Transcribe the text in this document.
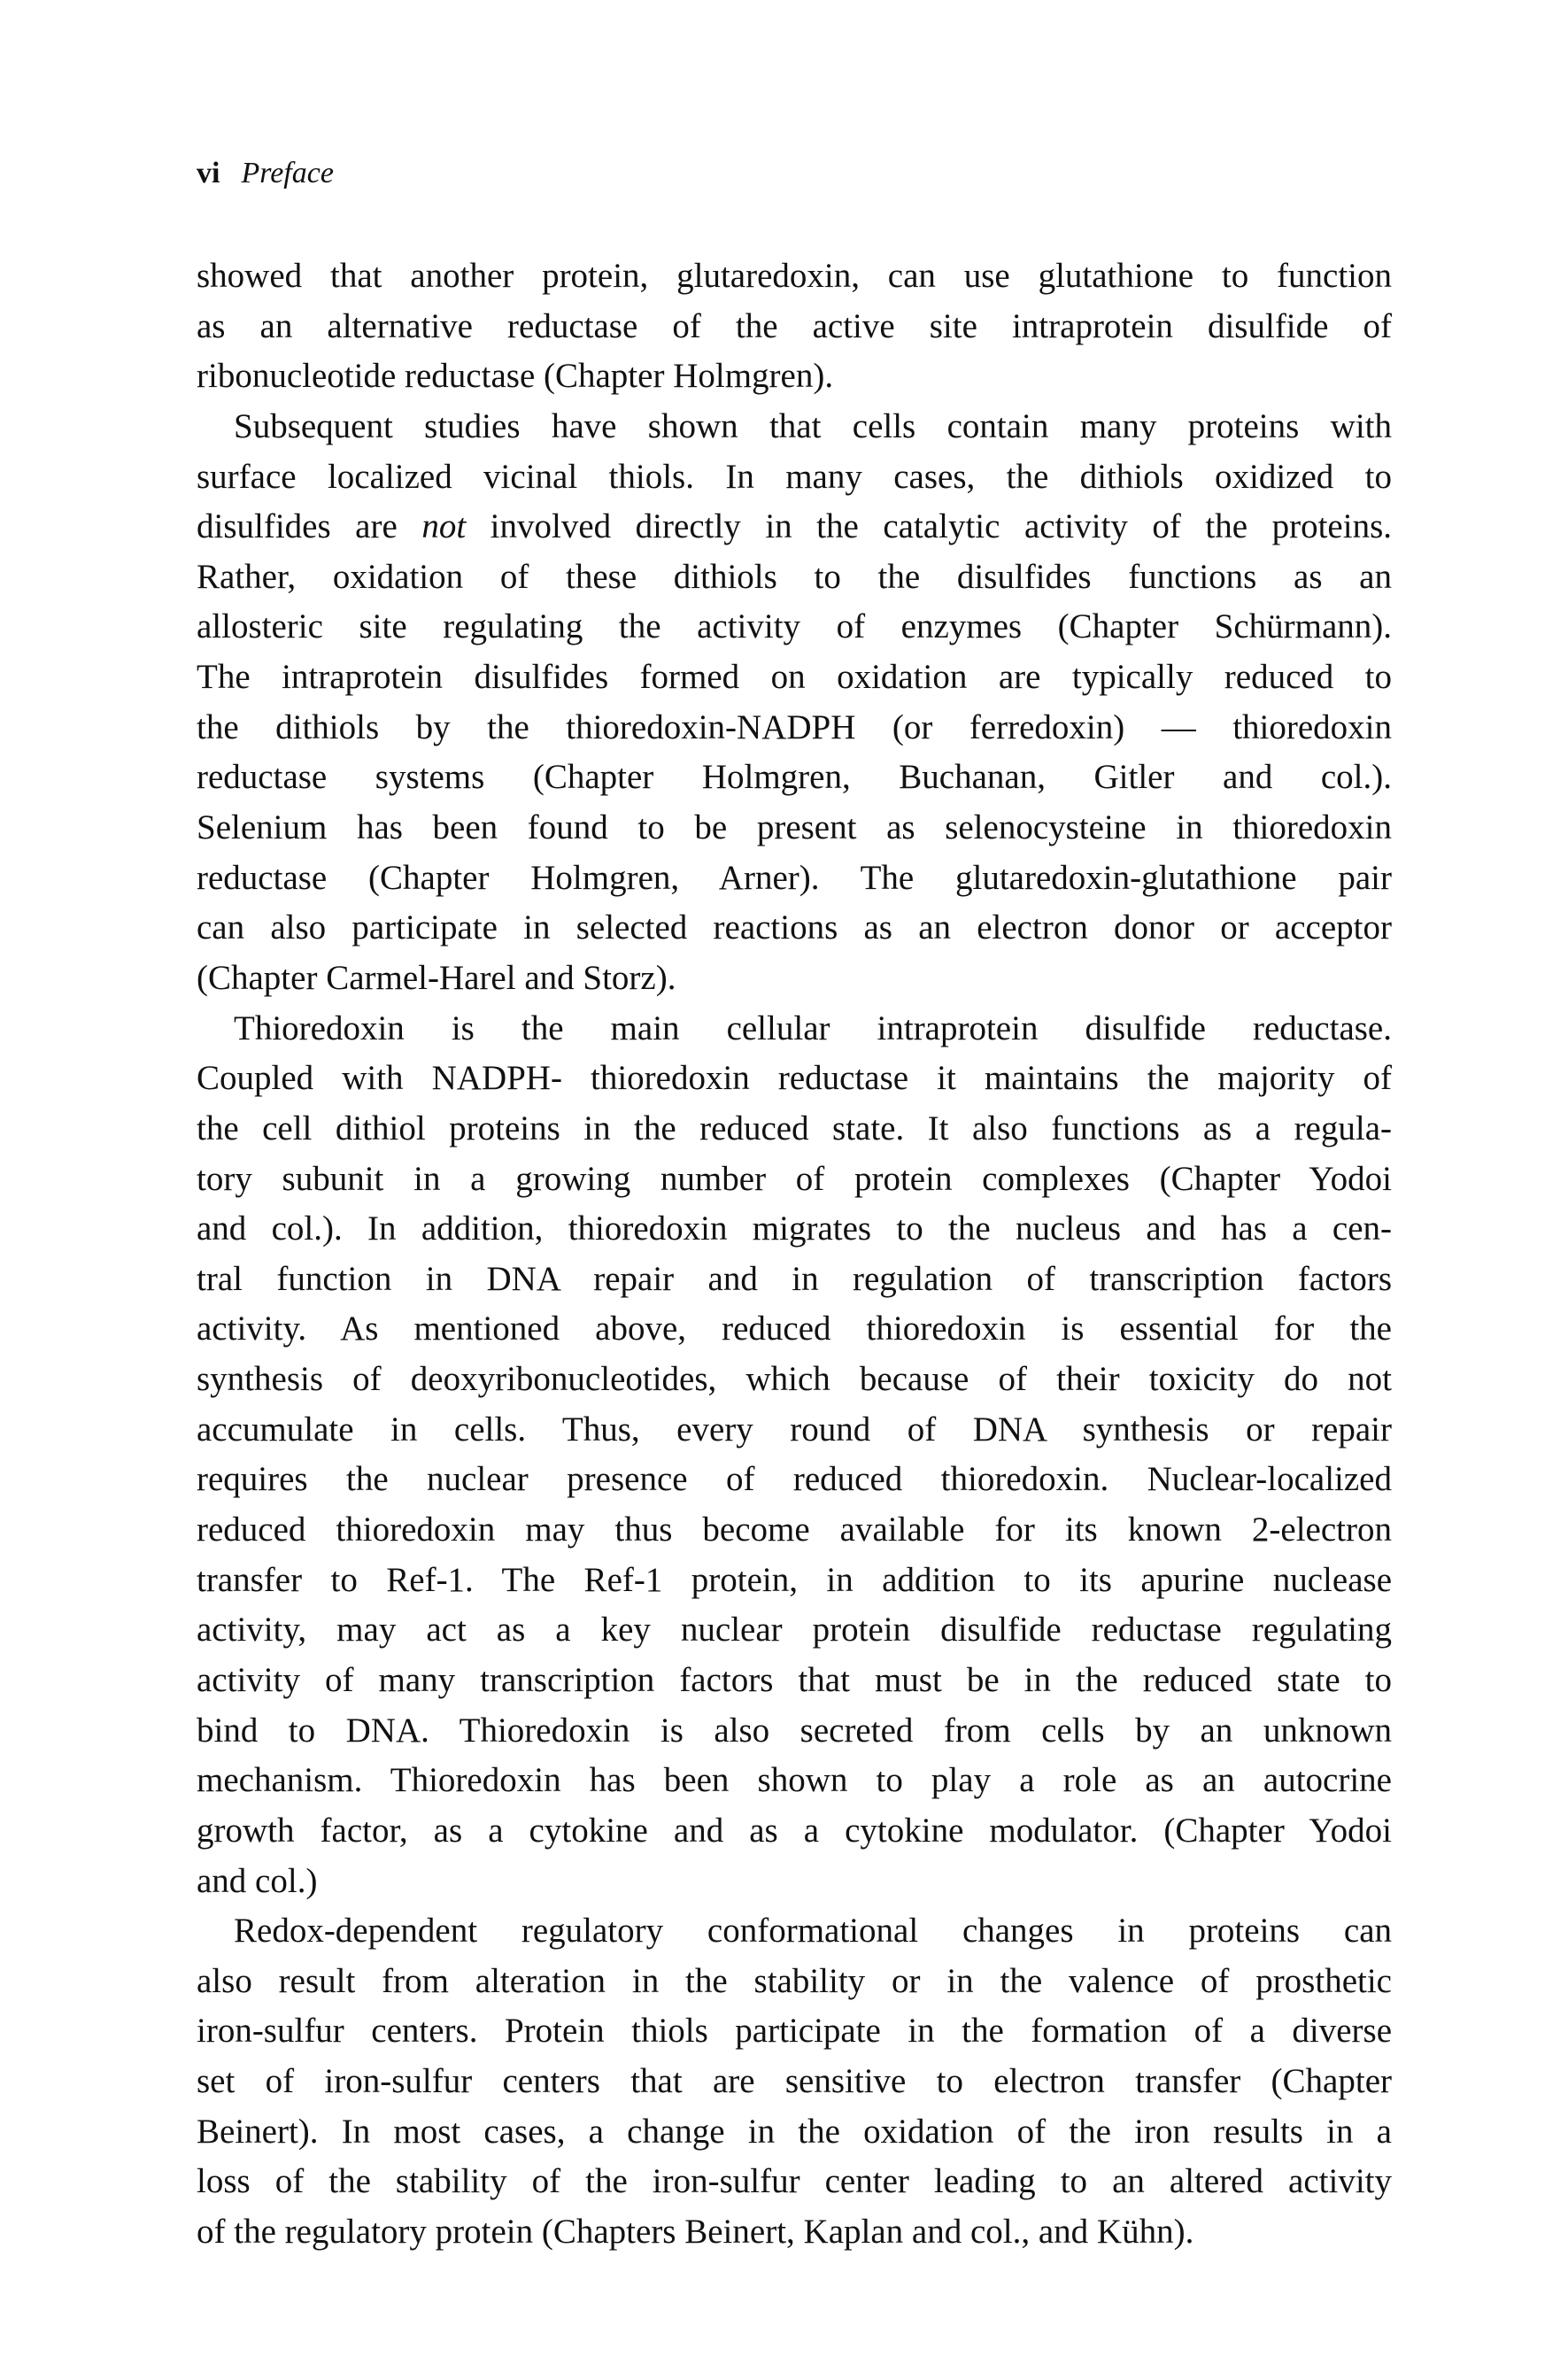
vi Preface
showed that another protein, glutaredoxin, can use glutathione to function
as an alternative reductase of the active site intraprotein disulfide of
ribonucleotide reductase (Chapter Holmgren).
Subsequent studies have shown that cells contain many proteins with
surface localized vicinal thiols. In many cases, the dithiols oxidized to
disulfides are not involved directly in the catalytic activity of the proteins.
Rather, oxidation of these dithiols to the disulfides functions as an
allosteric site regulating the activity of enzymes (Chapter Schürmann).
The intraprotein disulfides formed on oxidation are typically reduced to
the dithiols by the thioredoxin-NADPH (or ferredoxin) — thioredoxin
reductase systems (Chapter Holmgren, Buchanan, Gitler and col.).
Selenium has been found to be present as selenocysteine in thioredoxin
reductase (Chapter Holmgren, Arner). The glutaredoxin-glutathione pair
can also participate in selected reactions as an electron donor or acceptor
(Chapter Carmel-Harel and Storz).
Thioredoxin is the main cellular intraprotein disulfide reductase.
Coupled with NADPH- thioredoxin reductase it maintains the majority of
the cell dithiol proteins in the reduced state. It also functions as a regula-
tory subunit in a growing number of protein complexes (Chapter Yodoi
and col.). In addition, thioredoxin migrates to the nucleus and has a cen-
tral function in DNA repair and in regulation of transcription factors
activity. As mentioned above, reduced thioredoxin is essential for the
synthesis of deoxyribonucleotides, which because of their toxicity do not
accumulate in cells. Thus, every round of DNA synthesis or repair
requires the nuclear presence of reduced thioredoxin. Nuclear-localized
reduced thioredoxin may thus become available for its known 2-electron
transfer to Ref-1. The Ref-1 protein, in addition to its apurine nuclease
activity, may act as a key nuclear protein disulfide reductase regulating
activity of many transcription factors that must be in the reduced state to
bind to DNA. Thioredoxin is also secreted from cells by an unknown
mechanism. Thioredoxin has been shown to play a role as an autocrine
growth factor, as a cytokine and as a cytokine modulator. (Chapter Yodoi
and col.)
Redox-dependent regulatory conformational changes in proteins can
also result from alteration in the stability or in the valence of prosthetic
iron-sulfur centers. Protein thiols participate in the formation of a diverse
set of iron-sulfur centers that are sensitive to electron transfer (Chapter
Beinert). In most cases, a change in the oxidation of the iron results in a
loss of the stability of the iron-sulfur center leading to an altered activity
of the regulatory protein (Chapters Beinert, Kaplan and col., and Kühn).
